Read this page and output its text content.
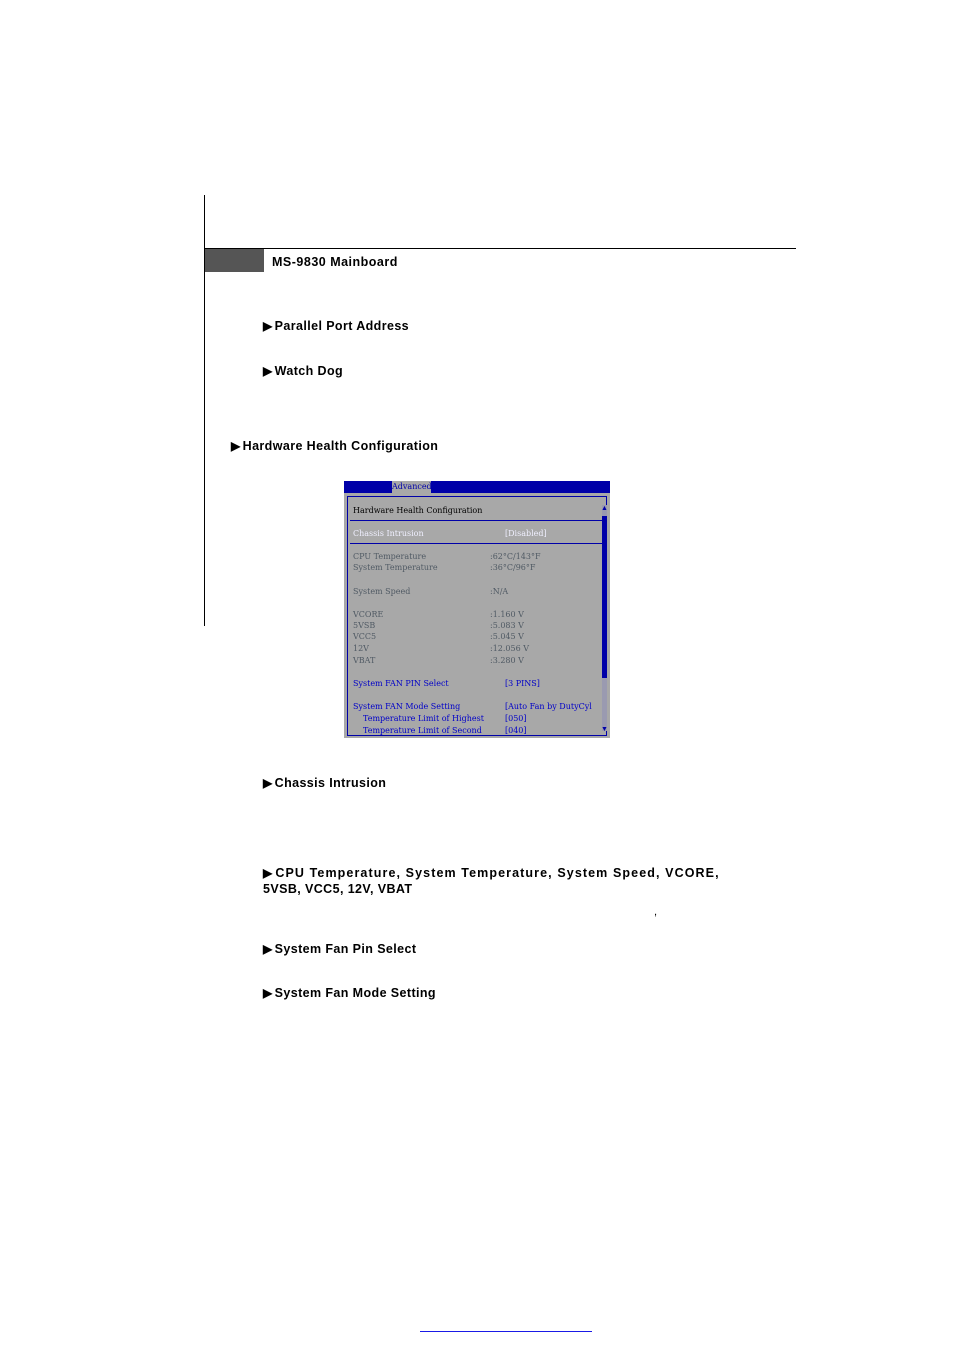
MS-9830 Mainboard
▶ Parallel Port Address
▶ Watch Dog
▶ Hardware Health Configuration
Advanced
Hardware Health Configuration
Chassis Intrusion	[Disabled]
CPU Temperature	:62°C/143°F
System Temperature	:36°C/96°F
System Speed	:N/A
VCORE	:1.160 V
5VSB	:5.083 V
VCC5	:5.045 V
12V	:12.056 V
VBAT	:3.280 V
System FAN PIN Select	[3 PINS]
System FAN Mode Setting	[Auto Fan by DutyCyl
Temperature Limit of Highest	[050]
Temperature Limit of Second	[040]
▲
▼
▶ Chassis Intrusion
▶ CPU Temperature, System Temperature, System Speed, VCORE,
5VSB, VCC5, 12V, VBAT
,
▶ System Fan Pin Select
▶ System Fan Mode Setting
